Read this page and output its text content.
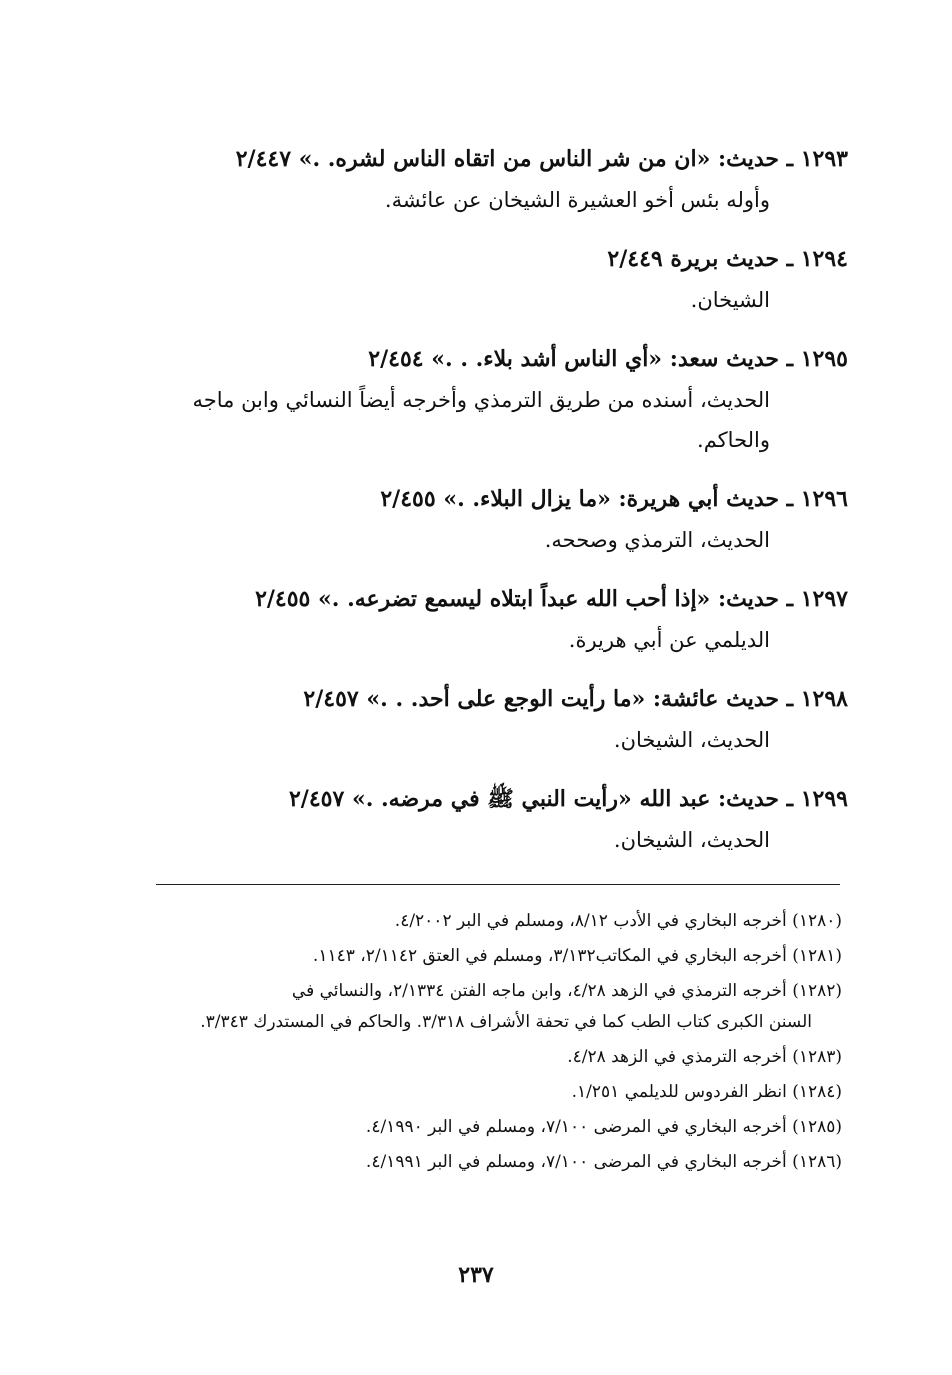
١٢٩٣ ـ حديث: «ان من شر الناس من اتقاه الناس لشره. .» ٢/٤٤٧
وأوله بئس أخو العشيرة الشيخان عن عائشة.
١٢٩٤ ـ حديث بريرة ٢/٤٤٩
الشيخان.
١٢٩٥ ـ حديث سعد: «أي الناس أشد بلاء. . .» ٢/٤٥٤
الحديث، أسنده من طريق الترمذي وأخرجه أيضاً النسائي وابن ماجه والحاكم.
١٢٩٦ ـ حديث أبي هريرة: «ما يزال البلاء. .» ٢/٤٥٥
الحديث، الترمذي وصححه.
١٢٩٧ ـ حديث: «إذا أحب الله عبداً ابتلاه ليسمع تضرعه. .» ٢/٤٥٥
الديلمي عن أبي هريرة.
١٢٩٨ ـ حديث عائشة: «ما رأيت الوجع على أحد. . .» ٢/٤٥٧
الحديث، الشيخان.
١٢٩٩ ـ حديث: عبد الله «رأيت النبي ﷺ في مرضه. .» ٢/٤٥٧
الحديث، الشيخان.
(١٢٨٠) أخرجه البخاري في الأدب ٨/١٢، ومسلم في البر ٤/٢٠٠٢.
(١٢٨١) أخرجه البخاري في المكاتب٣/١٣٢، ومسلم في العتق ٢/١١٤٢، ١١٤٣.
(١٢٨٢) أخرجه الترمذي في الزهد ٤/٢٨، وابن ماجه الفتن ٢/١٣٣٤، والنسائي في
السنن الكبرى كتاب الطب كما في تحفة الأشراف ٣/٣١٨. والحاكم في المستدرك ٣/٣٤٣.
(١٢٨٣) أخرجه الترمذي في الزهد ٤/٢٨.
(١٢٨٤) انظر الفردوس للديلمي ١/٢٥١.
(١٢٨٥) أخرجه البخاري في المرضى ٧/١٠٠، ومسلم في البر ٤/١٩٩٠.
(١٢٨٦) أخرجه البخاري في المرضى ٧/١٠٠، ومسلم في البر ٤/١٩٩١.
٢٣٧
